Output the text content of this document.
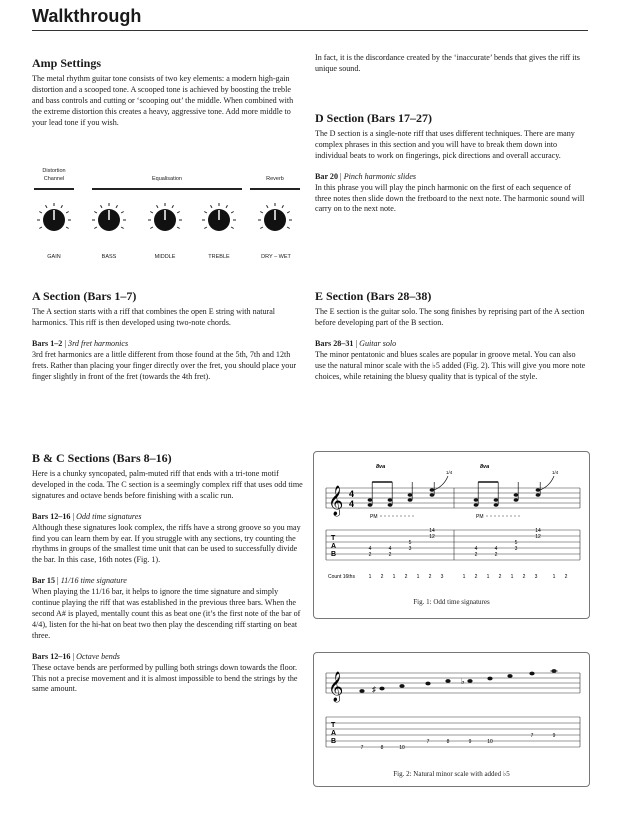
Walkthrough

Amp Settings

The metal rhythm guitar tone consists of two key elements: a modern high-gain distortion and a scooped tone. A scooped tone is achieved by boosting the treble and bass controls and cutting or ‘scooping out’ the middle. When combined with the extreme distortion this creates a heavy, aggressive tone. Add more middle to your lead tone if you wish.

Distortion
Channel	Equalisation	Reverb
GAIN	BASS	MIDDLE	TREBLE	DRY – WET

A Section (Bars 1–7)

The A section starts with a riff that combines the open E string with natural harmonics. This riff is then developed using two-note chords.

Bars 1–2 | 3rd fret harmonics

3rd fret harmonics are a little different from those found at the 5th, 7th and 12th frets. Rather than placing your finger directly over the fret, you should place your finger slightly in front of the fret (towards the 4th fret).

B & C Sections (Bars 8–16)

Here is a chunky syncopated, palm-muted riff that ends with a tri-tone motif developed in the coda. The C section is a seemingly complex riff that uses odd time signatures and octave bends before finishing with a scalic run.

Bars 12–16 | Odd time signatures

Although these signatures look complex, the riffs have a strong groove so you may find you can learn them by ear. If you struggle with any sections, try counting the rhythms in groups of the smallest time unit that can be used to successfully divide the bar. In this case, 16th notes (Fig. 1).

Bar 15 | 11/16 time signature

When playing the 11/16 bar, it helps to ignore the time signature and simply continue playing the riff that was established in the previous three bars. When the second A# is played, mentally count this as beat one (it’s the first note of the bar of 4/4), listen for the hi-hat on beat two then play the descending riff starting on beat three.

Bars 12–16 | Octave bends

These octave bends are performed by pulling both strings down towards the floor. This not a precise movement and it is almost impossible to bend the strings by the same amount.

In fact, it is the discordance created by the ‘inaccurate’ bends that gives the riff its unique sound.

D Section (Bars 17–27)

The D section is a single-note riff that uses different techniques. There are many complex phrases in this section and you will have to break them down into individual beats to work on fingerings, pick directions and overall accuracy.

Bar 20 | Pinch harmonic slides

In this phrase you will play the pinch harmonic on the first of each sequence of three notes then slide down the fretboard to the next note. The harmonic sound will carry on to the next note.

E Section (Bars 28–38)

The E section is the guitar solo. The song finishes by reprising part of the A section before developing part of the B section.

Bars 28–31 | Guitar solo

The minor pentatonic and blues scales are popular in groove metal. You can also use the natural minor scale with the ♭5 added (Fig. 2). This will give you more note choices, while retaining the bluesy quality that is typical of the style.

𝄞 4
4
8va	8va
PM	PM
1/4	1/4
T
A
B
4
2
4
2
5
3
14
12
4
2
4
2
5
3
14
12
Count 16ths	1 2 1 2 1 2 3	1 2 1 2 1 2 3	1 2
Fig. 1: Odd time signatures
𝄞	♯
♭
T
A
B
7	8	10
7	8	9	10
7	9
Fig. 2: Natural minor scale with added ♭5
